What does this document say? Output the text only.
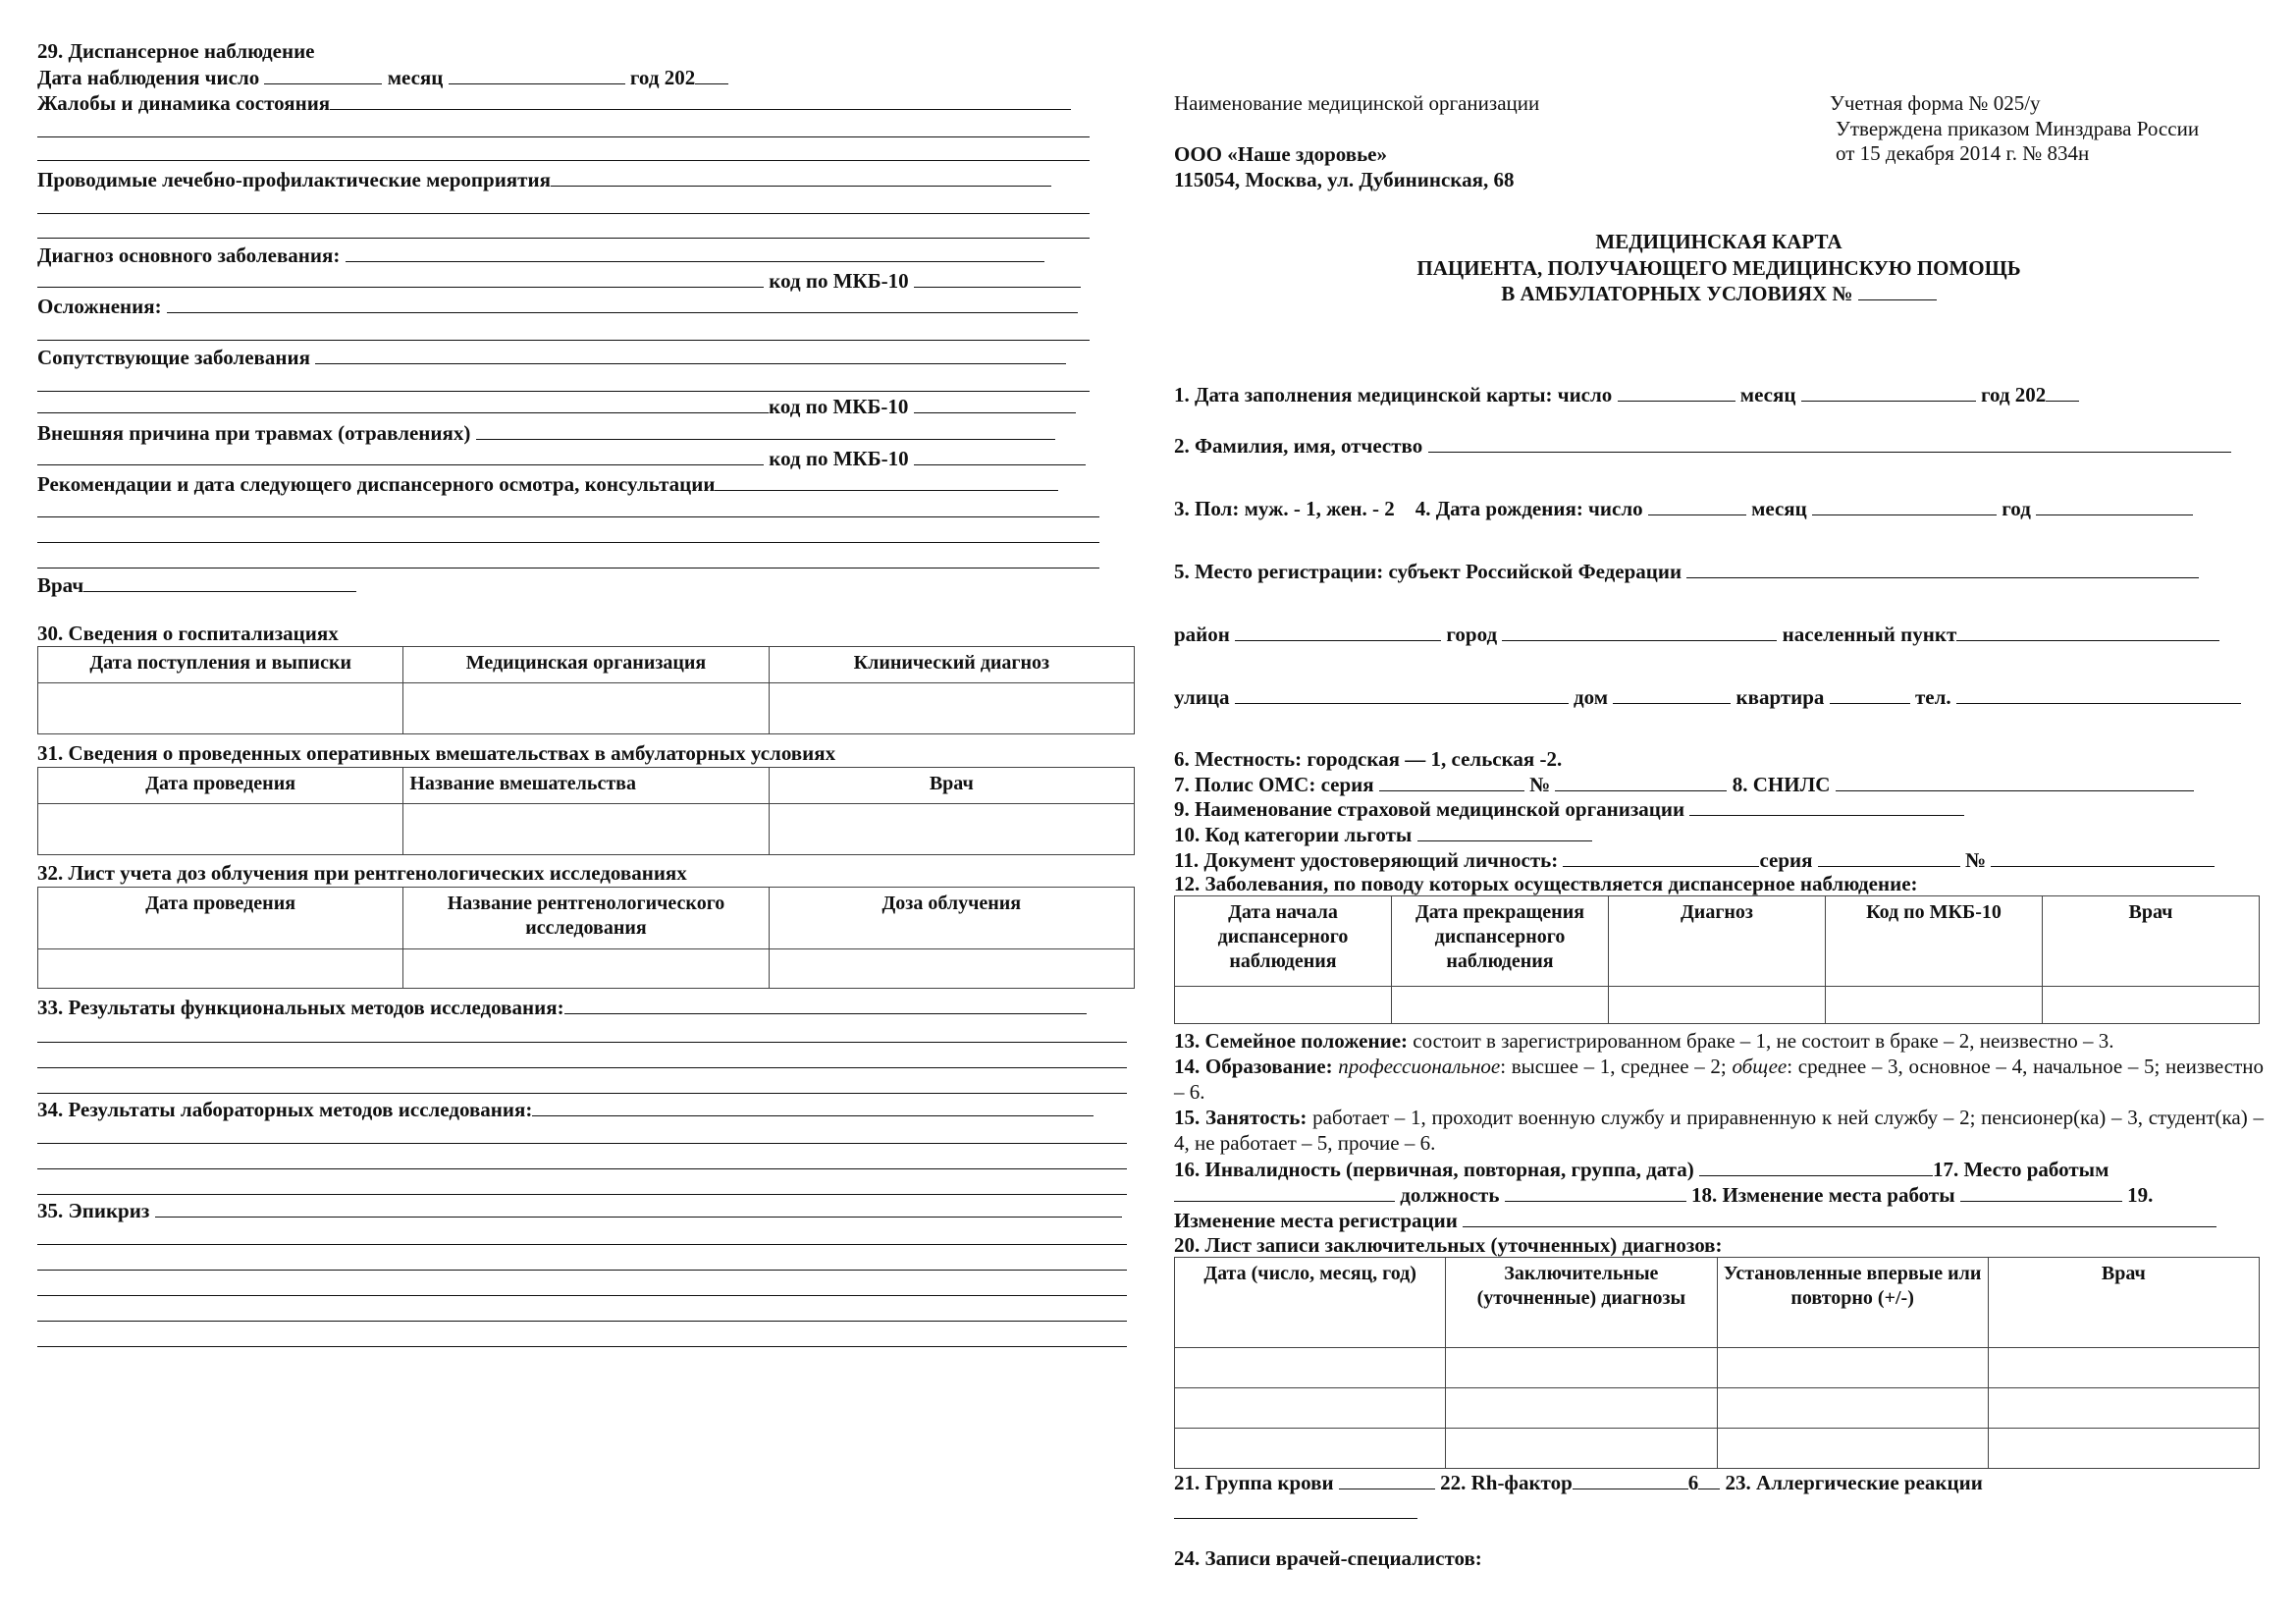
29. Диспансерное наблюдение
Дата наблюдения число	месяц	год 202
Жалобы и динамика состояния
Проводимые лечебно-профилактические мероприятия
Диагноз основного заболевания:
код по МКБ-10
Осложнения:
Сопутствующие заболевания
код по МКБ-10
Внешняя причина при травмах (отравлениях)
код по МКБ-10
Рекомендации и дата следующего диспансерного осмотра, консультации
Врач
30. Сведения о госпитализациях
Дата поступления и выписки	Медицинская организация	Клинический диагноз

31. Сведения о проведенных оперативных вмешательствах в амбулаторных условиях
Дата проведения	Название вмешательства	Врач

32. Лист учета доз облучения при рентгенологических исследованиях
Дата проведения	Название рентгенологического исследования	Доза облучения

33. Результаты функциональных методов исследования:
34. Результаты лабораторных методов исследования:
35. Эпикриз
Наименование медицинской организации	Учетная форма № 025/у
Утверждена приказом Минздрава России
от 15 декабря 2014 г. № 834н
ООО «Наше здоровье»
115054, Москва, ул. Дубининская, 68
МЕДИЦИНСКАЯ КАРТА
ПАЦИЕНТА, ПОЛУЧАЮЩЕГО МЕДИЦИНСКУЮ ПОМОЩЬ
В АМБУЛАТОРНЫХ УСЛОВИЯХ №
1. Дата заполнения медицинской карты: число	месяц	год 202
2. Фамилия, имя, отчество
3. Пол: муж. - 1, жен. - 2 4. Дата рождения: число	месяц	год
5. Место регистрации: субъект Российской Федерации
район	город	населенный пункт
улица	дом	квартира	тел.
6. Местность: городская — 1, сельская -2.
7. Полис ОМС: серия	№	8. СНИЛС
9. Наименование страховой медицинской организации
10. Код категории льготы
11. Документ удостоверяющий личность:	серия	№
12. Заболевания, по поводу которых осуществляется диспансерное наблюдение:
Дата начала диспансерного наблюдения	Дата прекращения диспансерного наблюдения	Диагноз	Код по МКБ-10	Врач

13. Семейное положение: состоит в зарегистрированном браке – 1, не состоит в браке – 2, неизвестно – 3.
14. Образование: профессиональное: высшее – 1, среднее – 2; общее: среднее – 3, основное – 4, начальное – 5; неизвестно – 6.
15. Занятость: работает – 1, проходит военную службу и приравненную к ней службу – 2; пенсионер(ка) – 3, студент(ка) –4, не работает – 5, прочие – 6.
16. Инвалидность (первичная, повторная, группа, дата)	17. Место работым
должность	18. Изменение места работы	19.
Изменение места регистрации
20. Лист записи заключительных (уточненных) диагнозов:
Дата (число, месяц, год)	Заключительные (уточненные) диагнозы	Установленные впервые или повторно (+/-)	Врач

21. Группа крови	22. Rh-фактор	6 23. Аллергические реакции
24. Записи врачей-специалистов:
